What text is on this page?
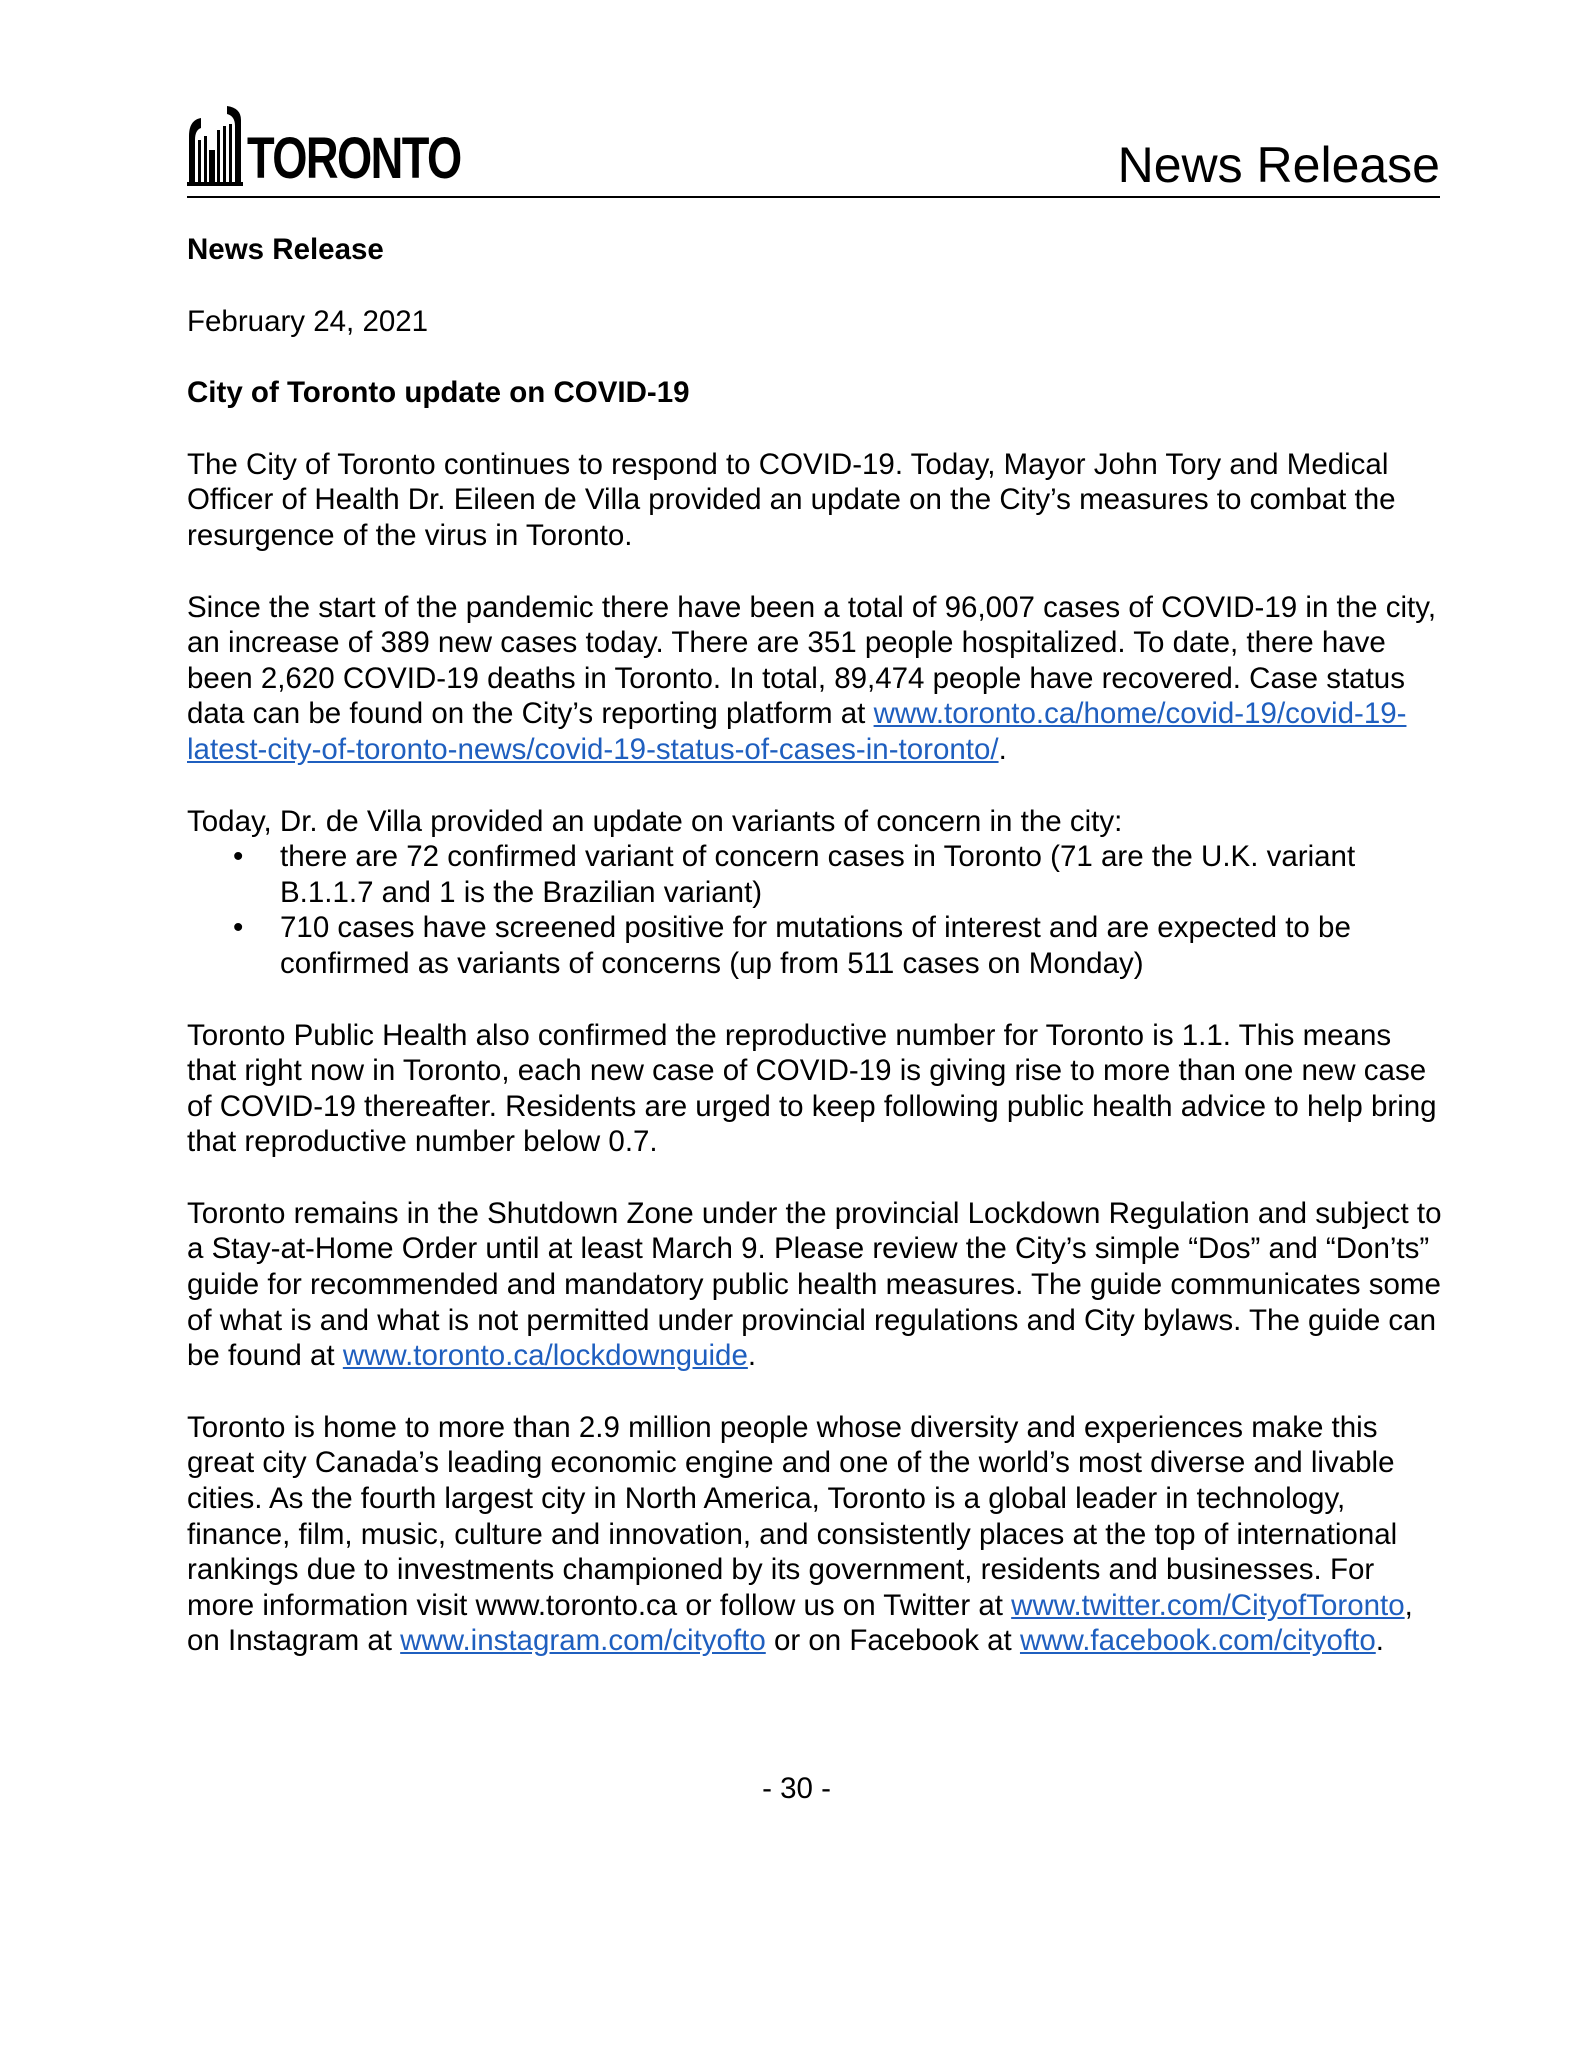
TORONTO	News Release

News Release

February 24, 2021

City of Toronto update on COVID-19

The City of Toronto continues to respond to COVID-19. Today, Mayor John Tory and Medical Officer of Health Dr. Eileen de Villa provided an update on the City’s measures to combat the resurgence of the virus in Toronto.

Since the start of the pandemic there have been a total of 96,007 cases of COVID-19 in the city, an increase of 389 new cases today. There are 351 people hospitalized. To date, there have been 2,620 COVID-19 deaths in Toronto. In total, 89,474 people have recovered. Case status data can be found on the City’s reporting platform at www.toronto.ca/home/covid-19/covid-19-latest-city-of-toronto-news/covid-19-status-of-cases-in-toronto/.

Today, Dr. de Villa provided an update on variants of concern in the city:

• there are 72 confirmed variant of concern cases in Toronto (71 are the U.K. variant B.1.1.7 and 1 is the Brazilian variant)
• 710 cases have screened positive for mutations of interest and are expected to be confirmed as variants of concerns (up from 511 cases on Monday)

Toronto Public Health also confirmed the reproductive number for Toronto is 1.1. This means that right now in Toronto, each new case of COVID-19 is giving rise to more than one new case of COVID-19 thereafter. Residents are urged to keep following public health advice to help bring that reproductive number below 0.7.

Toronto remains in the Shutdown Zone under the provincial Lockdown Regulation and subject to a Stay-at-Home Order until at least March 9. Please review the City’s simple “Dos” and “Don’ts” guide for recommended and mandatory public health measures. The guide communicates some of what is and what is not permitted under provincial regulations and City bylaws. The guide can be found at www.toronto.ca/lockdownguide.

Toronto is home to more than 2.9 million people whose diversity and experiences make this great city Canada’s leading economic engine and one of the world’s most diverse and livable cities. As the fourth largest city in North America, Toronto is a global leader in technology, finance, film, music, culture and innovation, and consistently places at the top of international rankings due to investments championed by its government, residents and businesses. For more information visit www.toronto.ca or follow us on Twitter at www.twitter.com/CityofToronto, on Instagram at www.instagram.com/cityofto or on Facebook at www.facebook.com/cityofto.

- 30 -
